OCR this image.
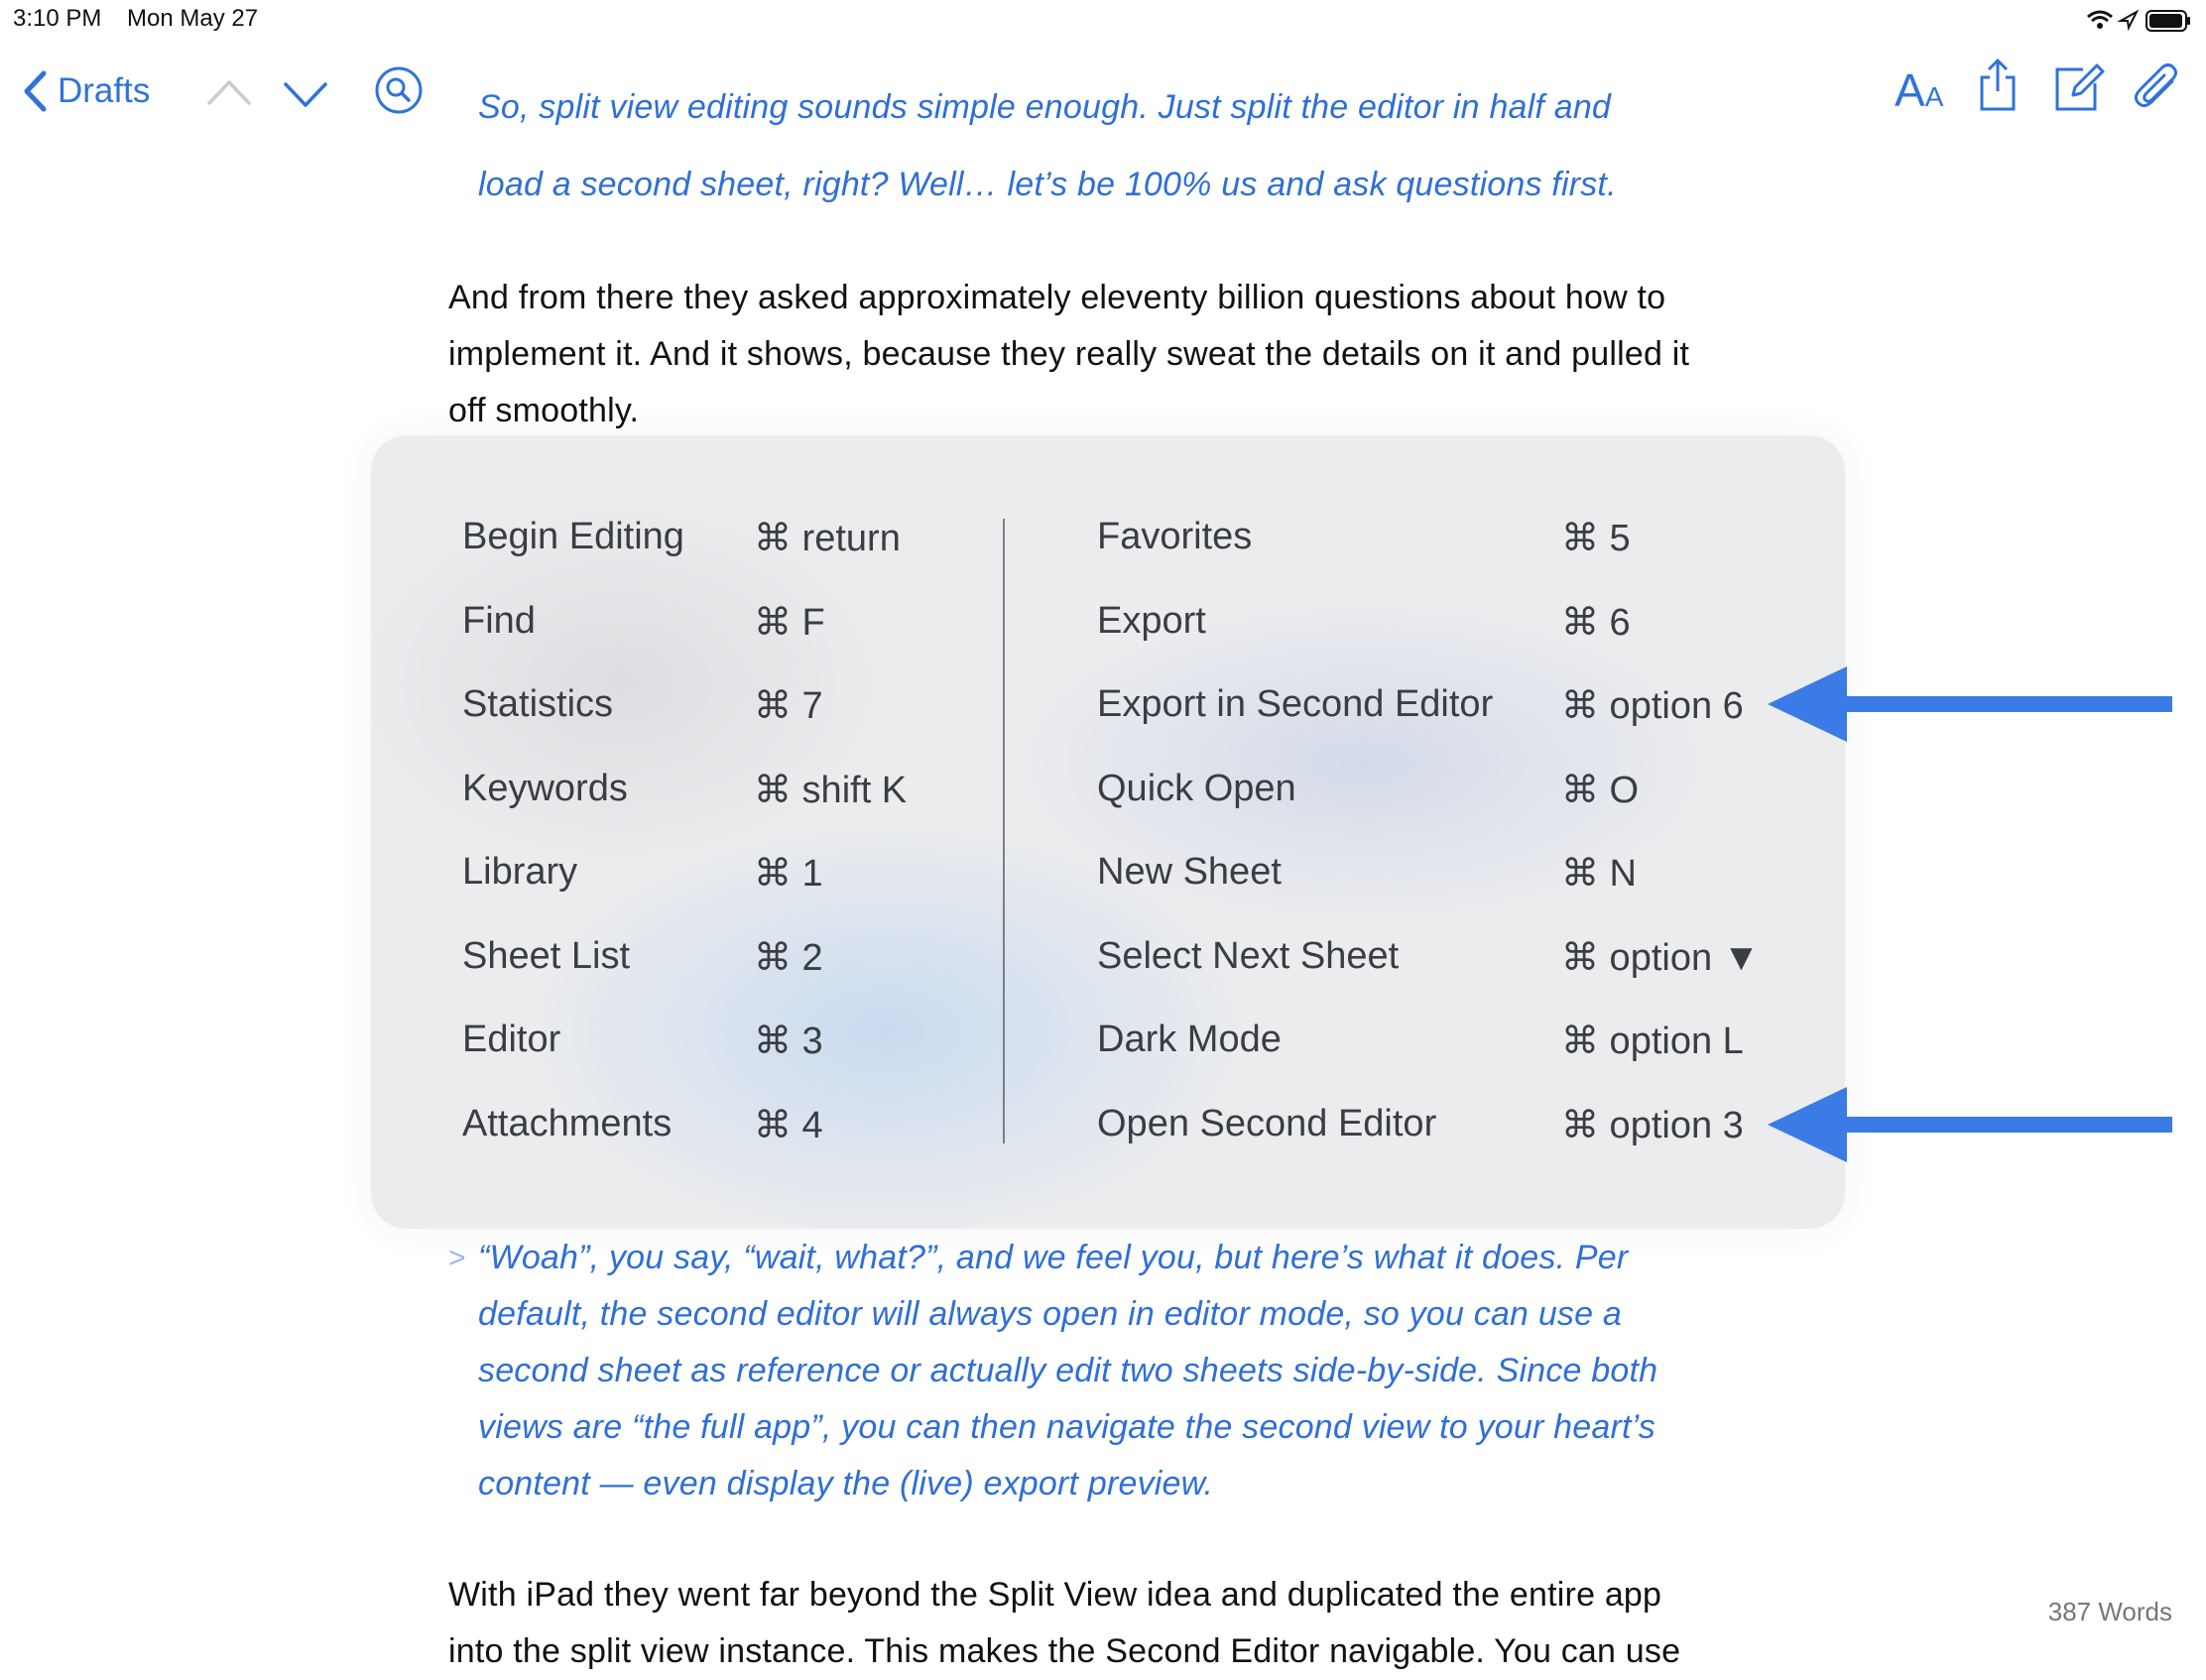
3:10 PM Mon May 27
Drafts	AA
So, split view editing sounds simple enough. Just split the editor in half and
load a second sheet, right? Well… let’s be 100% us and ask questions first.
And from there they asked approximately eleventy billion questions about how to
implement it. And it shows, because they really sweat the details on it and pulled it
off smoothly.
Begin Editing ⌘ return
Find	⌘ F
Statistics	⌘ 7
Keywords	⌘ shift K
Library	⌘ 1
Sheet List	⌘ 2
Editor	⌘ 3
Attachments ⌘ 4
Favorites	⌘ 5
Export	⌘ 6
Export in Second Editor ⌘ option 6
Quick Open	⌘ O
New Sheet	⌘ N
Select Next Sheet	⌘ option ▼
Dark Mode	⌘ option L
Open Second Editor	⌘ option 3
> “Woah”, you say, “wait, what?”, and we feel you, but here’s what it does. Per
default, the second editor will always open in editor mode, so you can use a
second sheet as reference or actually edit two sheets side-by-side. Since both
views are “the full app”, you can then navigate the second view to your heart’s
content — even display the (live) export preview.
With iPad they went far beyond the Split View idea and duplicated the entire app
into the split view instance. This makes the Second Editor navigable. You can use
387 Words
